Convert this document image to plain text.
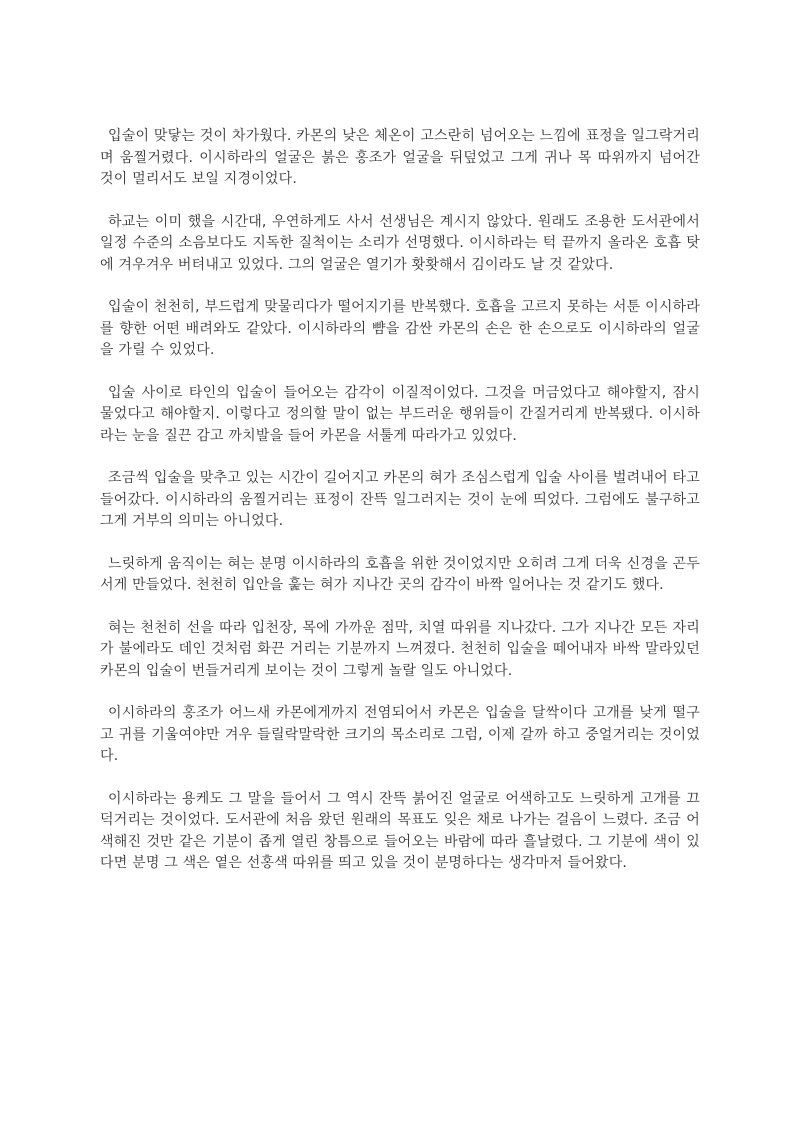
입술이 맞닿는 것이 차가웠다. 카몬의 낮은 체온이 고스란히 넘어오는 느낌에 표정을 일그락거리며 움찔거렸다. 이시하라의 얼굴은 붉은 홍조가 얼굴을 뒤덮었고 그게 귀나 목 따위까지 넘어간 것이 멀리서도 보일 지경이었다.

하교는 이미 했을 시간대, 우연하게도 사서 선생님은 계시지 않았다. 원래도 조용한 도서관에서 일정 수준의 소음보다도 지독한 질척이는 소리가 선명했다. 이시하라는 턱 끝까지 올라온 호흡 탓에 겨우겨우 버텨내고 있었다. 그의 얼굴은 열기가 홧홧해서 김이라도 날 것 같았다.

입술이 천천히, 부드럽게 맞물리다가 떨어지기를 반복했다. 호흡을 고르지 못하는 서툰 이시하라를 향한 어떤 배려와도 같았다. 이시하라의 뺨을 감싼 카몬의 손은 한 손으로도 이시하라의 얼굴을 가릴 수 있었다.

입술 사이로 타인의 입술이 들어오는 감각이 이질적이었다. 그것을 머금었다고 해야할지, 잠시 물었다고 해야할지. 이렇다고 정의할 말이 없는 부드러운 행위들이 간질거리게 반복됐다. 이시하라는 눈을 질끈 감고 까치발을 들어 카몬을 서툴게 따라가고 있었다.

조금씩 입술을 맞추고 있는 시간이 길어지고 카몬의 혀가 조심스럽게 입술 사이를 벌려내어 타고 들어갔다. 이시하라의 움찔거리는 표정이 잔뜩 일그러지는 것이 눈에 띄었다. 그럼에도 불구하고 그게 거부의 의미는 아니었다.

느릿하게 움직이는 혀는 분명 이시하라의 호흡을 위한 것이었지만 오히려 그게 더욱 신경을 곤두서게 만들었다. 천천히 입안을 훑는 혀가 지나간 곳의 감각이 바짝 일어나는 것 같기도 했다.

혀는 천천히 선을 따라 입천장, 목에 가까운 점막, 치열 따위를 지나갔다. 그가 지나간 모든 자리가 불에라도 데인 것처럼 화끈 거리는 기분까지 느껴졌다. 천천히 입술을 떼어내자 바싹 말라있던 카몬의 입술이 번들거리게 보이는 것이 그렇게 놀랄 일도 아니었다.

이시하라의 홍조가 어느새 카몬에게까지 전염되어서 카몬은 입술을 달싹이다 고개를 낮게 떨구고 귀를 기울여야만 겨우 들릴락말락한 크기의 목소리로 그럼, 이제 갈까 하고 중얼거리는 것이었다.

이시하라는 용케도 그 말을 들어서 그 역시 잔뜩 붉어진 얼굴로 어색하고도 느릿하게 고개를 끄덕거리는 것이었다. 도서관에 처음 왔던 원래의 목표도 잊은 채로 나가는 걸음이 느렸다. 조금 어색해진 것만 같은 기분이 좁게 열린 창틈으로 들어오는 바람에 따라 흘날렸다. 그 기분에 색이 있다면 분명 그 색은 옅은 선홍색 따위를 띄고 있을 것이 분명하다는 생각마저 들어왔다.
